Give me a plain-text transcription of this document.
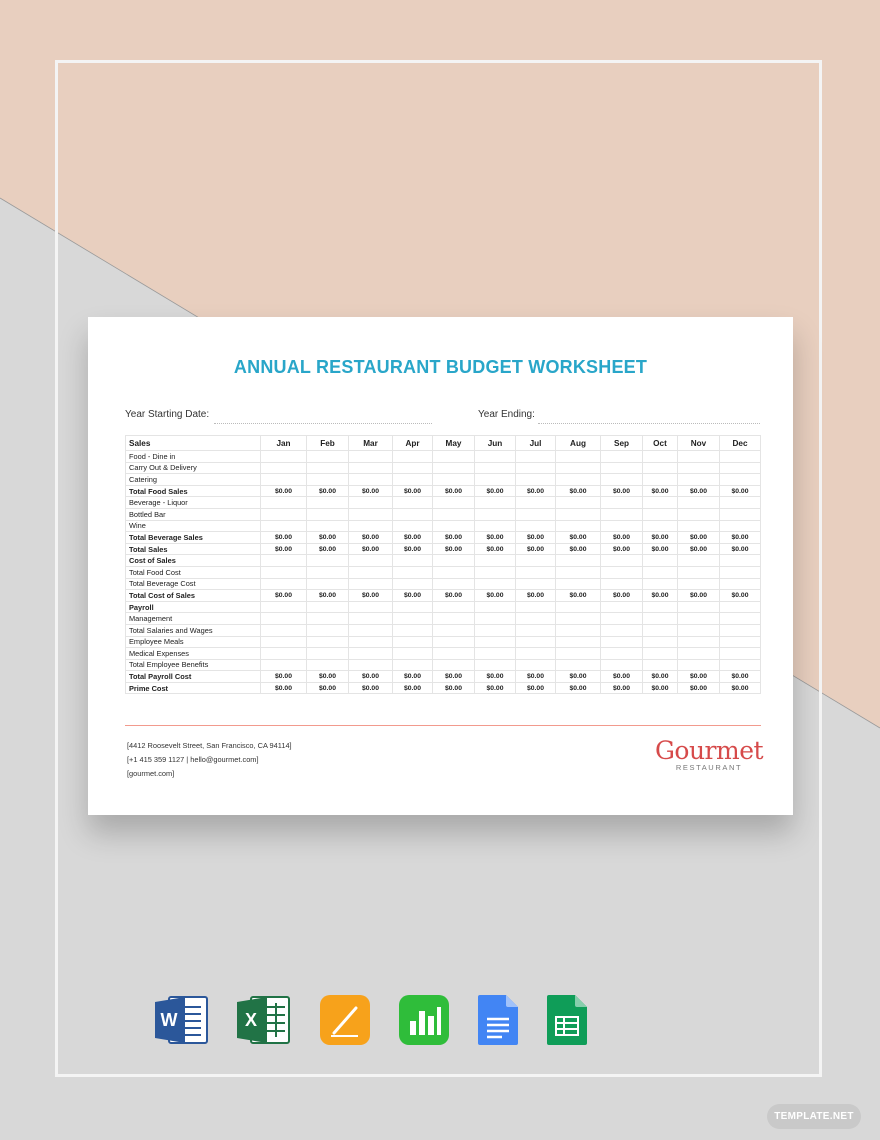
ANNUAL RESTAURANT BUDGET WORKSHEET
Year Starting Date:	Year Ending:
Sales	Jan	Feb	Mar	Apr	May	Jun	Jul	Aug	Sep	Oct	Nov	Dec
Food - Dine in												
Carry Out & Delivery												
Catering												
Total Food Sales	$0.00	$0.00	$0.00	$0.00	$0.00	$0.00	$0.00	$0.00	$0.00	$0.00	$0.00	$0.00
Beverage - Liquor												
Bottled Bar												
Wine												
Total Beverage Sales	$0.00	$0.00	$0.00	$0.00	$0.00	$0.00	$0.00	$0.00	$0.00	$0.00	$0.00	$0.00
Total Sales	$0.00	$0.00	$0.00	$0.00	$0.00	$0.00	$0.00	$0.00	$0.00	$0.00	$0.00	$0.00
Cost of Sales												
Total Food Cost												
Total Beverage Cost												
Total Cost of Sales	$0.00	$0.00	$0.00	$0.00	$0.00	$0.00	$0.00	$0.00	$0.00	$0.00	$0.00	$0.00
Payroll												
Management												
Total Salaries and Wages												
Employee Meals												
Medical Expenses												
Total Employee Benefits												
Total Payroll Cost	$0.00	$0.00	$0.00	$0.00	$0.00	$0.00	$0.00	$0.00	$0.00	$0.00	$0.00	$0.00
Prime Cost	$0.00	$0.00	$0.00	$0.00	$0.00	$0.00	$0.00	$0.00	$0.00	$0.00	$0.00	$0.00
[4412 Roosevelt Street, San Francisco, CA 94114]
[+1 415 359 1127 | hello@gourmet.com]
[gourmet.com]
Gourmet
RESTAURANT
W	X
TEMPLATE.NET
